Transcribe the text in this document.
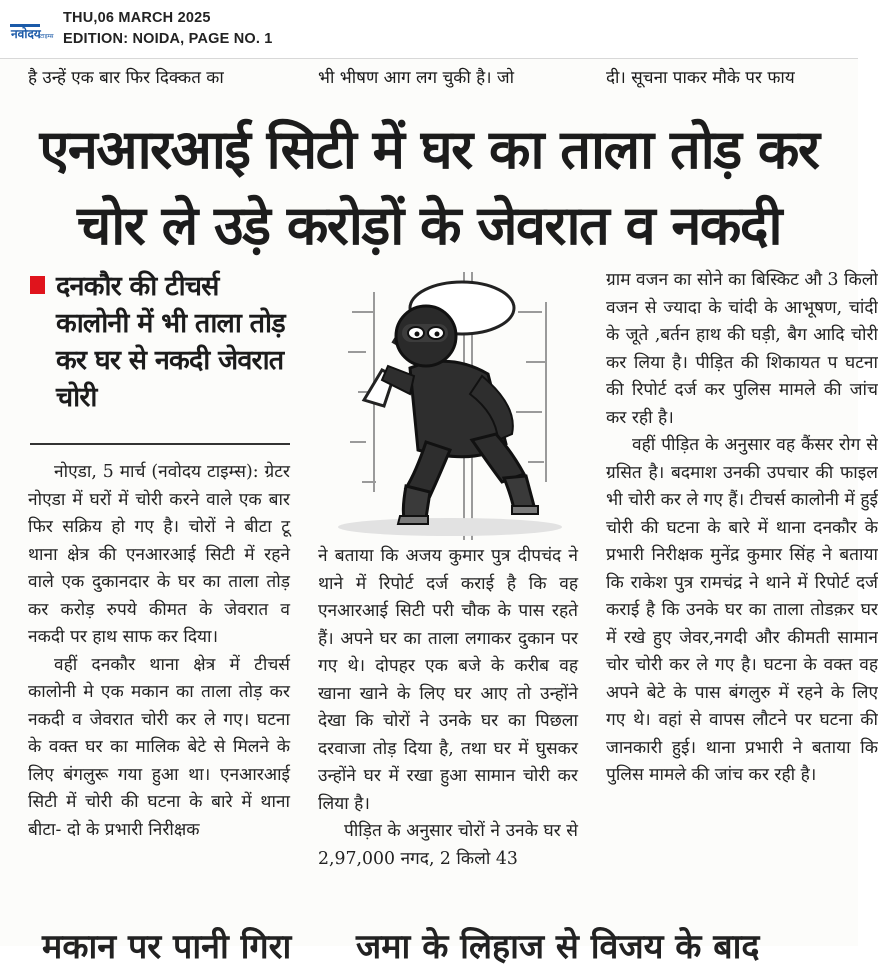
नवोदय टाइम्स
THU,06 MARCH 2025
EDITION: NOIDA, PAGE NO. 1
है उन्हें एक बार फिर दिक्कत का	भी भीषण आग लग चुकी है। जो	दी। सूचना पाकर मौके पर फाय
एनआरआई सिटी में घर का ताला तोड़ कर
चोर ले उड़े करोड़ों के जेवरात व नकदी
दनकौर की टीचर्स कालोनी में भी ताला तोड़ कर घर से नकदी जेवरात चोरी

नोएडा, 5 मार्च (नवोदय टाइम्स): ग्रेटर नोएडा में घरों में चोरी करने वाले एक बार फिर सक्रिय हो गए है। चोरों ने बीटा टू थाना क्षेत्र की एनआरआई सिटी में रहने वाले एक दुकानदार के घर का ताला तोड़ कर करोड़ रुपये कीमत के जेवरात व नकदी पर हाथ साफ कर दिया।

वहीं दनकौर थाना क्षेत्र में टीचर्स कालोनी मे एक मकान का ताला तोड़ कर नकदी व जेवरात चोरी कर ले गए। घटना के वक्त घर का मालिक बेटे से मिलने के लिए बंगलुरू गया हुआ था। एनआरआई सिटी में चोरी की घटना के बारे में थाना बीटा- दो के प्रभारी निरीक्षक

ने बताया कि अजय कुमार पुत्र दीपचंद ने थाने में रिपोर्ट दर्ज कराई है कि वह एनआरआई सिटी परी चौक के पास रहते हैं। अपने घर का ताला लगाकर दुकान पर गए थे। दोपहर एक बजे के करीब वह खाना खाने के लिए घर आए तो उन्होंने देखा कि चोरों ने उनके घर का पिछला दरवाजा तोड़ दिया है, तथा घर में घुसकर उन्होंने घर में रखा हुआ सामान चोरी कर लिया है।

पीड़ित के अनुसार चोरों ने उनके घर से 2,97,000 नगद, 2 किलो 43

ग्राम वजन का सोने का बिस्किट औ 3 किलो वजन से ज्यादा के चांदी के आभूषण, चांदी के जूते ,बर्तन हाथ की घड़ी, बैग आदि चोरी कर लिया है। पीड़ित की शिकायत प घटना की रिपोर्ट दर्ज कर पुलिस मामले की जांच कर रही है।

वहीं पीड़ित के अनुसार वह कैंसर रोग से ग्रसित है। बदमाश उनकी उपचार की फाइल भी चोरी कर ले गए हैं। टीचर्स कालोनी में हुई चोरी की घटना के बारे में थाना दनकौर के प्रभारी निरीक्षक मुनेंद्र कुमार सिंह ने बताया कि राकेश पुत्र रामचंद्र ने थाने में रिपोर्ट दर्ज कराई है कि उनके घर का ताला तोडक़र घर में रखे हुए जेवर,नगदी और कीमती सामान चोर चोरी कर ले गए है। घटना के वक्त वह अपने बेटे के पास बंगलुरु में रहने के लिए गए थे। वहां से वापस लौटने पर घटना की जानकारी हुई। थाना प्रभारी ने बताया कि पुलिस मामले की जांच कर रही है।

मकान पर पानी गिरा जमा के लिहाज से विजय के बाद
